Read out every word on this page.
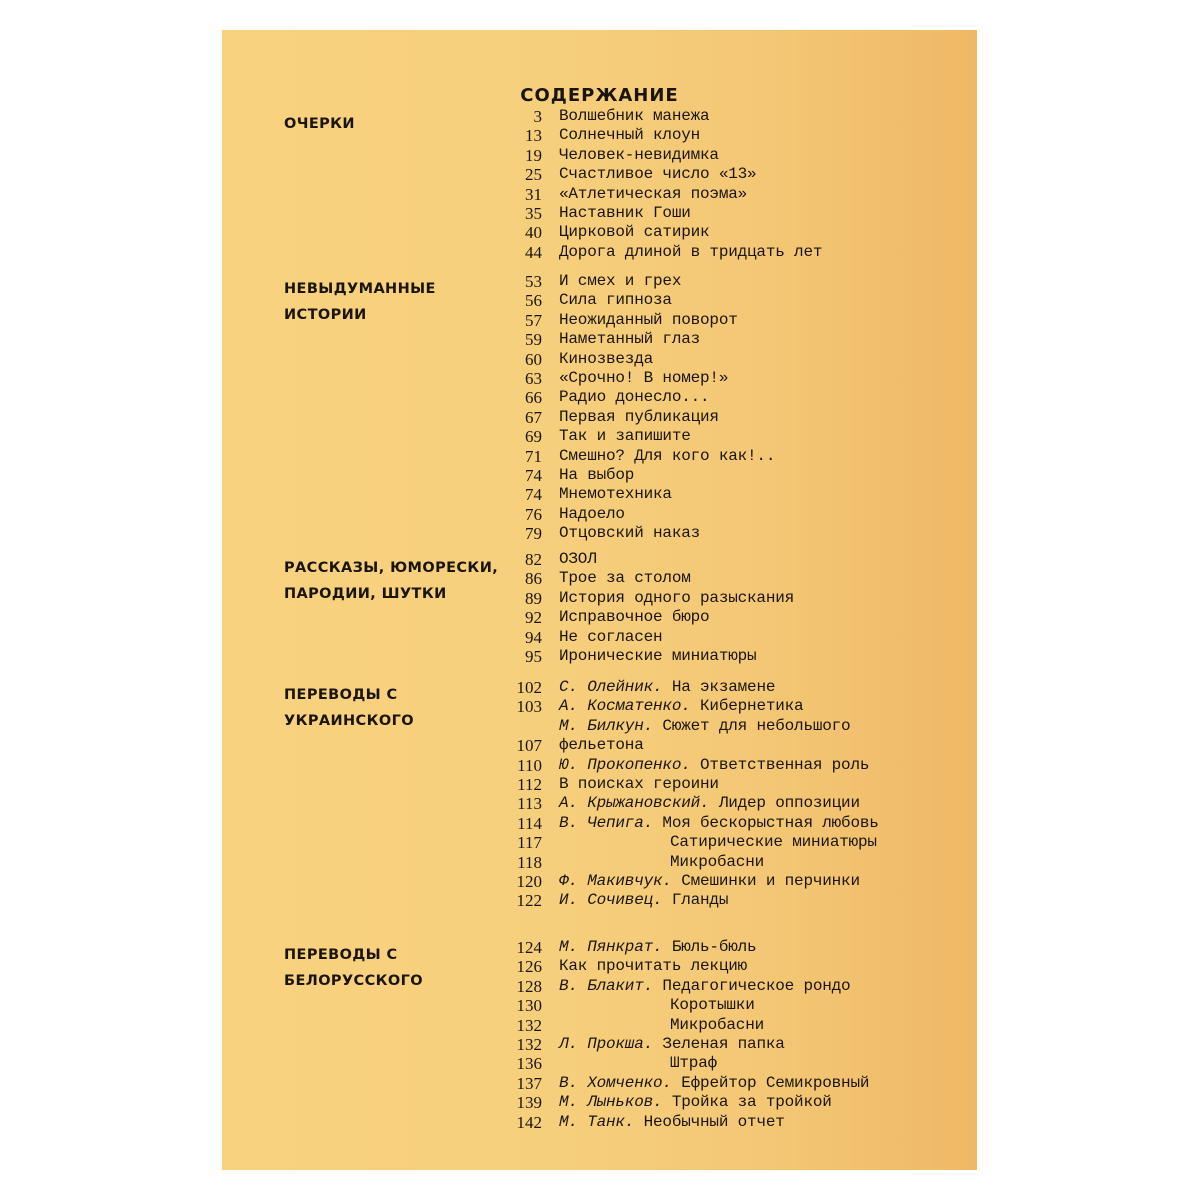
СОДЕРЖАНИЕ
ОЧЕРКИ	3 Волшебник манежа
13 Солнечный клоун
19 Человек-невидимка
25 Счастливое число «13»
31 «Атлетическая поэма»
35 Наставник Гоши
40 Цирковой сатирик
44 Дорога длиной в тридцать лет
НЕВЫДУМАННЫЕ
ИСТОРИИ
53 И смех и грех
56 Сила гипноза
57 Неожиданный поворот
59 Наметанный глаз
60 Кинозвезда
63 «Срочно! В номер!»
66 Радио донесло...
67 Первая публикация
69 Так и запишите
71 Смешно? Для кого как!..
74 На выбор
74 Мнемотехника
76 Надоело
79 Отцовский наказ
РАССКАЗЫ, ЮМОРЕСКИ,
ПАРОДИИ, ШУТКИ
82 ОЗОЛ
86 Трое за столом
89 История одного разыскания
92 Исправочное бюро
94 Не согласен
95 Иронические миниатюры
ПЕРЕВОДЫ С
УКРАИНСКОГО
102 С. Олейник. На экзамене
103 А. Косматенко. Кибернетика
М. Билкун. Сюжет для небольшого
107 фельетона
110 Ю. Прокопенко. Ответственная роль
112 В поисках героини
113 А. Крыжановский. Лидер оппозиции
114 В. Чепига. Моя бескорыстная любовь
117	Сатирические миниатюры
118	Микробасни
120 Ф. Макивчук. Смешинки и перчинки
122 И. Сочивец. Гланды
ПЕРЕВОДЫ С
БЕЛОРУССКОГО
124 М. Пянкрат. Бюль-бюль
126 Как прочитать лекцию
128 В. Блакит. Педагогическое рондо
130	Коротышки
132	Микробасни
132 Л. Прокша. Зеленая папка
136	Штраф
137 В. Хомченко. Ефрейтор Семикровный
139 М. Лыньков. Тройка за тройкой
142 М. Танк. Необычный отчет
